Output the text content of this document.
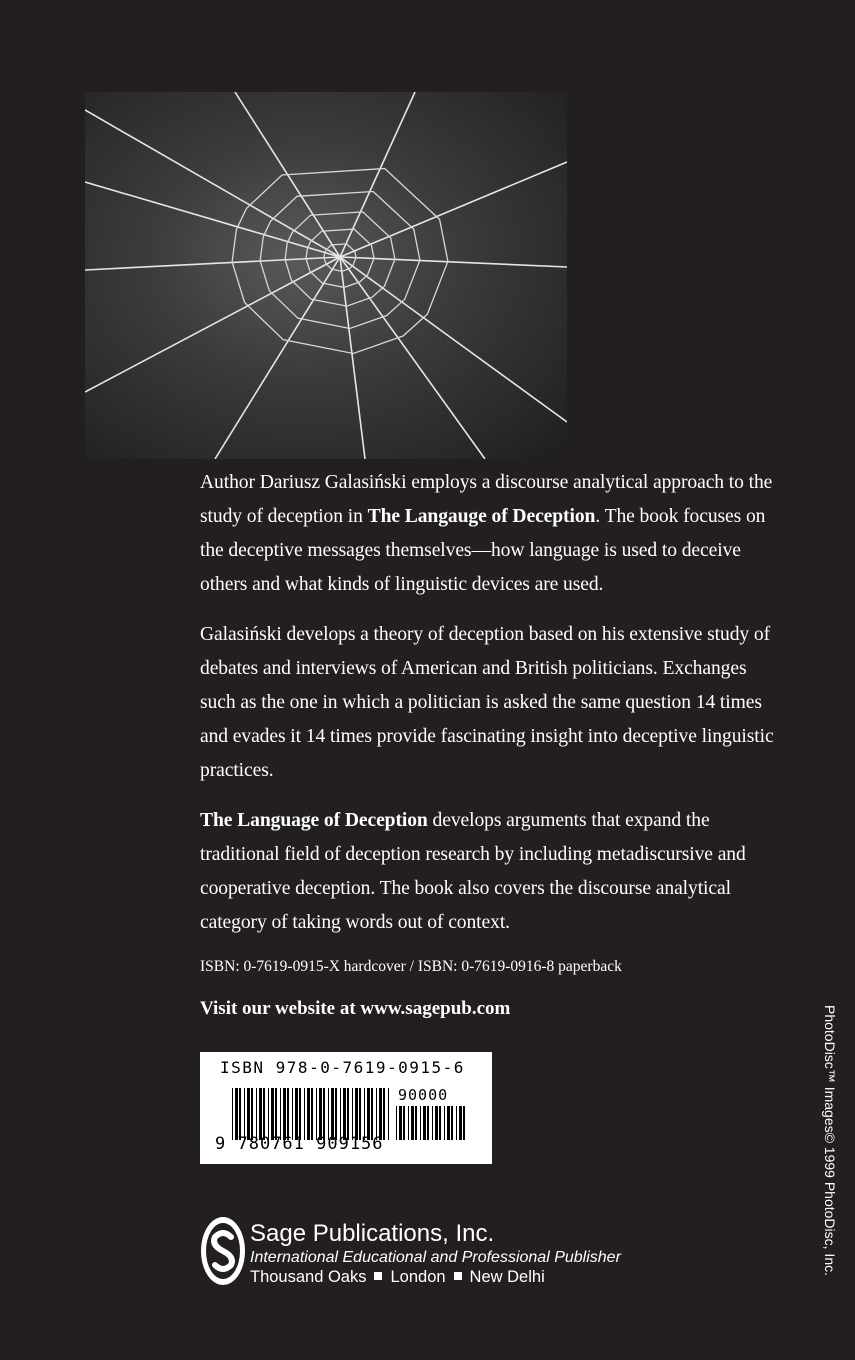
Author Dariusz Galasiński employs a discourse analytical approach to the study of deception in The Langauge of Deception. The book focuses on the deceptive messages themselves—how language is used to deceive others and what kinds of linguistic devices are used.

Galasiński develops a theory of deception based on his extensive study of debates and interviews of American and British politicians. Exchanges such as the one in which a politician is asked the same question 14 times and evades it 14 times provide fascinating insight into deceptive linguistic practices.

The Language of Deception develops arguments that expand the traditional field of deception research by including metadiscursive and cooperative deception. The book also covers the discourse analytical category of taking words out of context.

ISBN: 0-7619-0915-X hardcover / ISBN: 0-7619-0916-8 paperback
Visit our website at www.sagepub.com
ISBN 978-0-7619-0915-6
90000
9 780761 909156
Sage Publications, Inc.
International Educational and Professional Publisher
Thousand Oaks London New Delhi
PhotoDisc™ Images© 1999 PhotoDisc, Inc.
